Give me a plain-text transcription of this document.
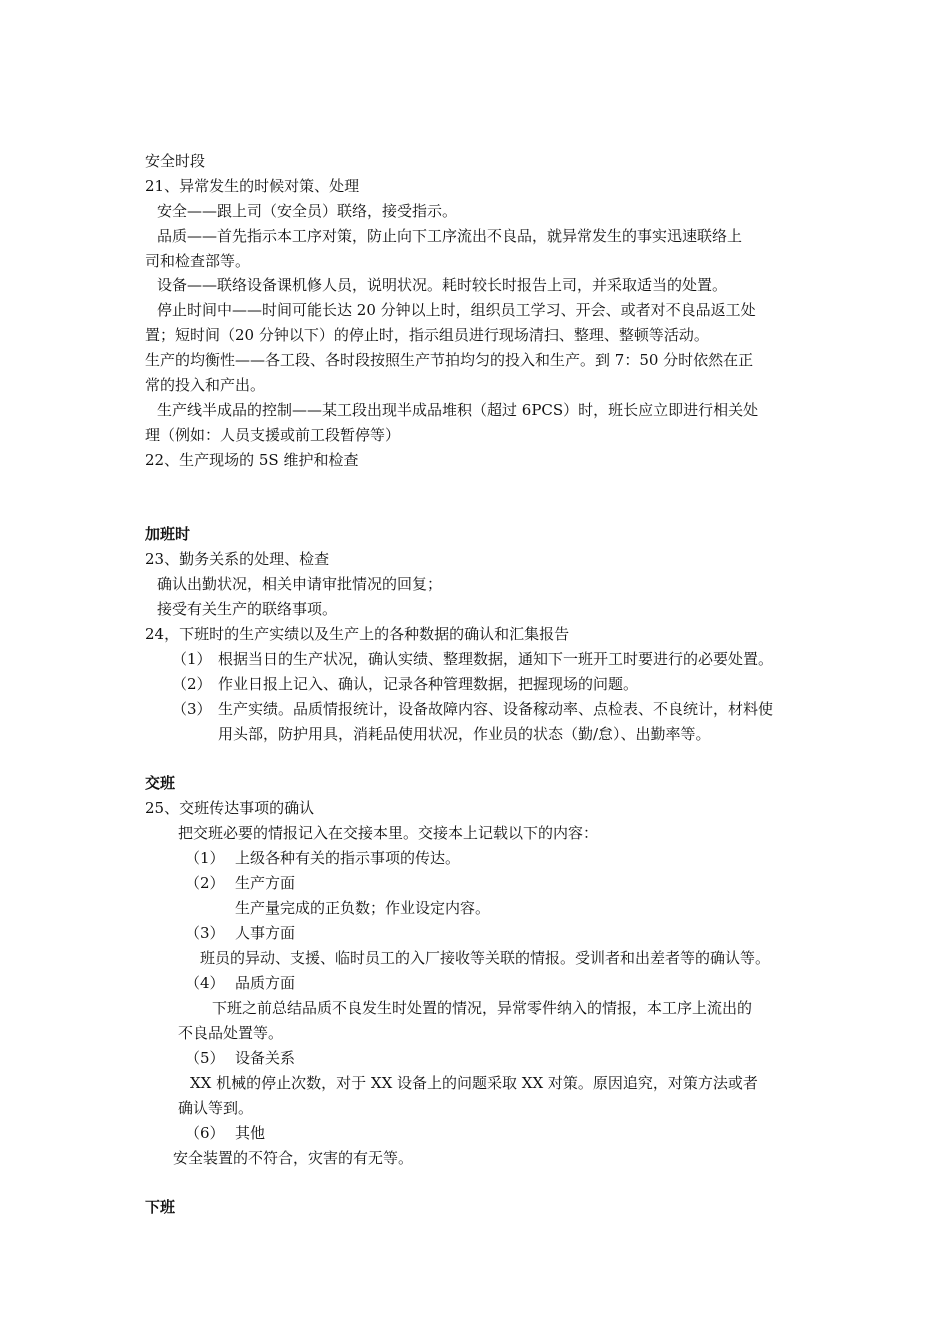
安全时段
21、异常发生的时候对策、处理
安全——跟上司（安全员）联络，接受指示。
品质——首先指示本工序对策，防止向下工序流出不良品，就异常发生的事实迅速联络上
司和检查部等。
设备——联络设备课机修人员，说明状况。耗时较长时报告上司，并采取适当的处置。
停止时间中——时间可能长达 20 分钟以上时，组织员工学习、开会、或者对不良品返工处
置；短时间（20 分钟以下）的停止时，指示组员进行现场清扫、整理、整顿等活动。
生产的均衡性——各工段、各时段按照生产节拍均匀的投入和生产。到 7：50 分时依然在正
常的投入和产出。
生产线半成品的控制——某工段出现半成品堆积（超过 6PCS）时，班长应立即进行相关处
理（例如：人员支援或前工段暂停等）
22、生产现场的 5S 维护和检查
加班时
23、勤务关系的处理、检查
确认出勤状况，相关申请审批情况的回复；
接受有关生产的联络事项。
24，下班时的生产实绩以及生产上的各种数据的确认和汇集报告
（1） 根据当日的生产状况，确认实绩、整理数据，通知下一班开工时要进行的必要处置。
（2） 作业日报上记入、确认，记录各种管理数据，把握现场的问题。
（3） 生产实绩。品质情报统计，设备故障内容、设备稼动率、点检表、不良统计，材料使
用头部，防护用具，消耗品使用状况，作业员的状态（勤/怠）、出勤率等。
交班
25、交班传达事项的确认
把交班必要的情报记入在交接本里。交接本上记载以下的内容：
（1） 上级各种有关的指示事项的传达。
（2） 生产方面
生产量完成的正负数；作业设定内容。
（3） 人事方面
班员的异动、支援、临时员工的入厂接收等关联的情报。受训者和出差者等的确认等。
（4） 品质方面
下班之前总结品质不良发生时处置的情况，异常零件纳入的情报，本工序上流出的
不良品处置等。
（5） 设备关系
XX 机械的停止次数，对于 XX 设备上的问题采取 XX 对策。原因追究，对策方法或者
确认等到。
（6） 其他
安全装置的不符合，灾害的有无等。
下班
